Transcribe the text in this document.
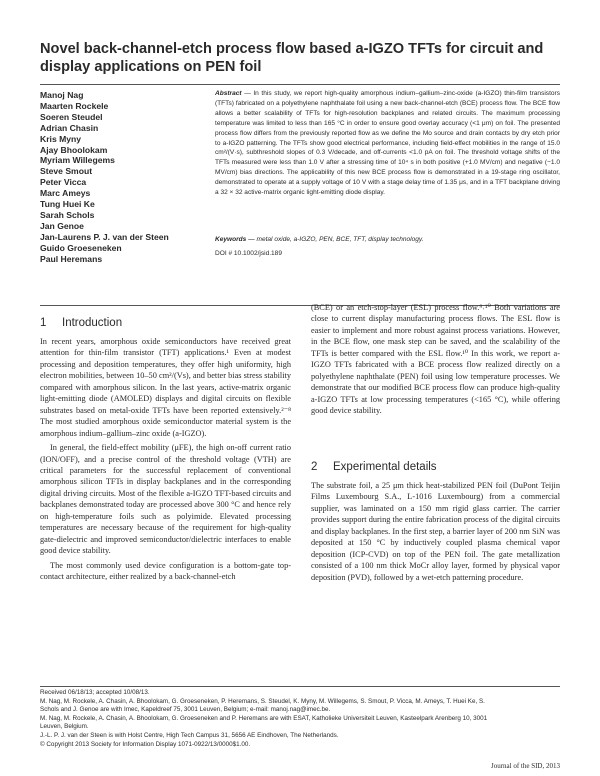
Novel back-channel-etch process flow based a-IGZO TFTs for circuit and display applications on PEN foil
Manoj Nag
Maarten Rockele
Soeren Steudel
Adrian Chasin
Kris Myny
Ajay Bhoolokam
Myriam Willegems
Steve Smout
Peter Vicca
Marc Ameys
Tung Huei Ke
Sarah Schols
Jan Genoe
Jan-Laurens P. J. van der Steen
Guido Groeseneken
Paul Heremans
Abstract — In this study, we report high-quality amorphous indium–gallium–zinc-oxide (a-IGZO) thin-film transistors (TFTs) fabricated on a polyethylene naphthalate foil using a new back-channel-etch (BCE) process flow. The BCE flow allows a better scalability of TFTs for high-resolution backplanes and related circuits. The maximum processing temperature was limited to less than 165 °C in order to ensure good overlay accuracy (<1 μm) on foil. The presented process flow differs from the previously reported flow as we define the Mo source and drain contacts by dry etch prior to a-IGZO patterning. The TFTs show good electrical performance, including field-effect mobilities in the range of 15.0 cm²/(V·s), subthreshold slopes of 0.3 V/decade, and off-currents <1.0 pA on foil. The threshold voltage shifts of the TFTs measured were less than 1.0 V after a stressing time of 10⁴ s in both positive (+1.0 MV/cm) and negative (−1.0 MV/cm) bias directions. The applicability of this new BCE process flow is demonstrated in a 19-stage ring oscillator, demonstrated to operate at a supply voltage of 10 V with a stage delay time of 1.35 μs, and in a TFT backplane driving a 32 × 32 active-matrix organic light-emitting diode display.
Keywords — metal oxide, a-IGZO, PEN, BCE, TFT, display technology.
DOI # 10.1002/jsid.189
1 Introduction

In recent years, amorphous oxide semiconductors have received great attention for thin-film transistor (TFT) applications.¹ Even at modest processing and deposition temperatures, they offer high uniformity, high electron mobilities, between 10–50 cm²/(Vs), and better bias stress stability compared with amorphous silicon. In the last years, active-matrix organic light-emitting diode (AMOLED) displays and digital circuits on flexible substrates based on metal-oxide TFTs have been reported extensively.²⁻⁸ The most studied amorphous oxide semiconductor material system is the amorphous indium–gallium–zinc oxide (a-IGZO).

In general, the field-effect mobility (μFE), the high on-off current ratio (ION/OFF), and a precise control of the threshold voltage (VTH) are critical parameters for the successful replacement of conventional amorphous silicon TFTs in display backplanes and in the corresponding digital driving circuits. Most of the flexible a-IGZO TFT-based circuits and backplanes demonstrated today are processed above 300 °C and hence rely on high-temperature foils such as polyimide. Elevated processing temperatures are necessary because of the requirement for high-quality gate-dielectric and improved semiconductor/dielectric interfaces to enable good device stability.

The most commonly used device configuration is a bottom-gate top-contact architecture, either realized by a back-channel-etch

(BCE) or an etch-stop-layer (ESL) process flow.⁹˒¹⁰ Both variations are close to current display manufacturing process flows. The ESL flow is easier to implement and more robust against process variations. However, in the BCE flow, one mask step can be saved, and the scalability of the TFTs is better compared with the ESL flow.¹⁰ In this work, we report a-IGZO TFTs fabricated with a BCE process flow realized directly on a polyethylene naphthalate (PEN) foil using low temperature processes. We demonstrate that our modified BCE process flow can produce high-quality a-IGZO TFTs at low processing temperatures (<165 °C), while offering good device stability.

2 Experimental details

The substrate foil, a 25 μm thick heat-stabilized PEN foil (DuPont Teijin Films Luxembourg S.A., L-1016 Luxembourg) from a commercial supplier, was laminated on a 150 mm rigid glass carrier. The carrier provides support during the entire fabrication process of the digital circuits and display backplanes. In the first step, a barrier layer of 200 nm SiN was deposited at 150 °C by inductively coupled plasma chemical vapor deposition (ICP-CVD) on top of the PEN foil. The gate metallization consisted of a 100 nm thick MoCr alloy layer, formed by physical vapor deposition (PVD), followed by a wet-etch patterning procedure.

Received 06/18/13; accepted 10/08/13.
M. Nag, M. Rockele, A. Chasin, A. Bhoolokam, G. Groeseneken, P. Heremans, S. Steudel, K. Myny, M. Willegems, S. Smout, P. Vicca, M. Ameys, T. Huei Ke, S.
Schols and J. Genoe are with Imec, Kapeldreef 75, 3001 Leuven, Belgium; e-mail: manoj.nag@imec.be.
M. Nag, M. Rockele, A. Chasin, A. Bhoolokam, G. Groeseneken and P. Heremans are with ESAT, Katholieke Universiteit Leuven, Kasteelpark Arenberg 10, 3001
Leuven, Belgium.
J.-L. P. J. van der Steen is with Holst Centre, High Tech Campus 31, 5656 AE Eindhoven, The Netherlands.
© Copyright 2013 Society for Information Display 1071-0922/13/0000$1.00.
Journal of the SID, 2013
